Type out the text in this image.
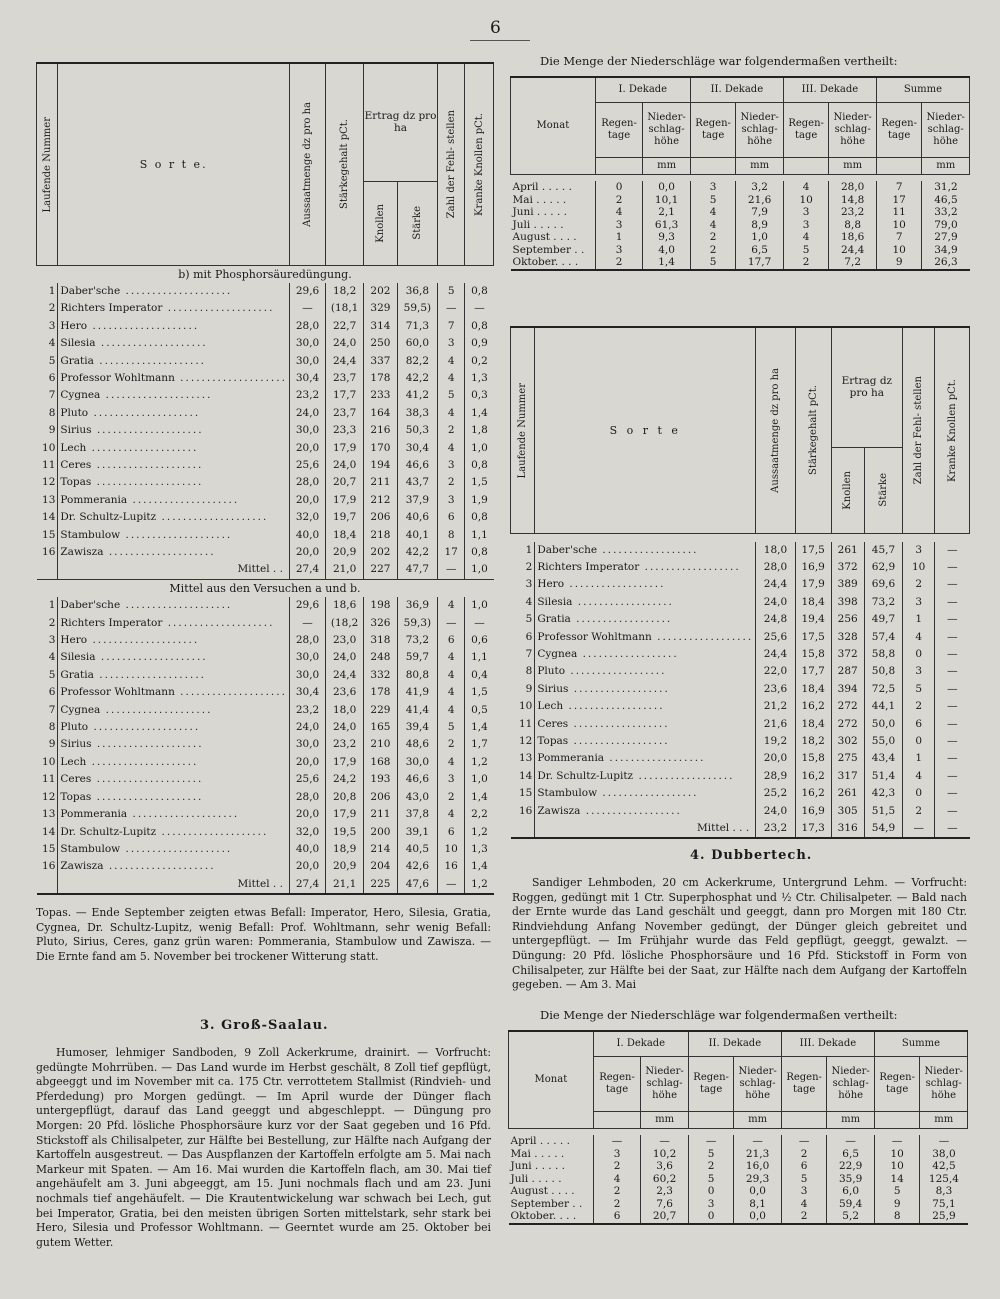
6
Laufende Nummer	S o r t e.	Aussaatmenge dz pro ha	Stärkegehalt pCt.	Ertrag dz pro ha		Zahl der Fehl- stellen	Kranke Knollen pCt.

				Knollen	Stärke		

b) mit Phosphorsäuredüngung.							
1	Daber'sche ....................	29,6	18,2	202	36,8	5	0,8
2	Richters Imperator ....................	—	(18,1	329	59,5)	—	—
3	Hero ....................	28,0	22,7	314	71,3	7	0,8
4	Silesia ....................	30,0	24,0	250	60,0	3	0,9
5	Gratia ....................	30,0	24,4	337	82,2	4	0,2
6	Professor Wohltmann ....................	30,4	23,7	178	42,2	4	1,3
7	Cygnea ....................	23,2	17,7	233	41,2	5	0,3
8	Pluto ....................	24,0	23,7	164	38,3	4	1,4
9	Sirius ....................	30,0	23,3	216	50,3	2	1,8
10	Lech ....................	20,0	17,9	170	30,4	4	1,0
11	Ceres ....................	25,6	24,0	194	46,6	3	0,8
12	Topas ....................	28,0	20,7	211	43,7	2	1,5
13	Pommerania ....................	20,0	17,9	212	37,9	3	1,9
14	Dr. Schultz-Lupitz ....................	32,0	19,7	206	40,6	6	0,8
15	Stambulow ....................	40,0	18,4	218	40,1	8	1,1
16	Zawisza ....................	20,0	20,9	202	42,2	17	0,8
	Mittel . .	27,4	21,0	227	47,7	—	1,0
Mittel aus den Versuchen a und b.							
1	Daber'sche ....................	29,6	18,6	198	36,9	4	1,0
2	Richters Imperator ....................	—	(18,2	326	59,3)	—	—
3	Hero ....................	28,0	23,0	318	73,2	6	0,6
4	Silesia ....................	30,0	24,0	248	59,7	4	1,1
5	Gratia ....................	30,0	24,4	332	80,8	4	0,4
6	Professor Wohltmann ....................	30,4	23,6	178	41,9	4	1,5
7	Cygnea ....................	23,2	18,0	229	41,4	4	0,5
8	Pluto ....................	24,0	24,0	165	39,4	5	1,4
9	Sirius ....................	30,0	23,2	210	48,6	2	1,7
10	Lech ....................	20,0	17,9	168	30,0	4	1,2
11	Ceres ....................	25,6	24,2	193	46,6	3	1,0
12	Topas ....................	28,0	20,8	206	43,0	2	1,4
13	Pommerania ....................	20,0	17,9	211	37,8	4	2,2
14	Dr. Schultz-Lupitz ....................	32,0	19,5	200	39,1	6	1,2
15	Stambulow ....................	40,0	18,9	214	40,5	10	1,3
16	Zawisza ....................	20,0	20,9	204	42,6	16	1,4
	Mittel . .	27,4	21,1	225	47,6	—	1,2
Topas. — Ende September zeigten etwas Befall: Imperator, Hero, Silesia, Gratia, Cygnea, Dr. Schultz-Lupitz, wenig Befall: Prof. Wohltmann, sehr wenig Befall: Pluto, Sirius, Ceres, ganz grün waren: Pommerania, Stambulow und Zawisza. — Die Ernte fand am 5. November bei trockener Witterung statt.
3. Groß-Saalau.
Humoser, lehmiger Sandboden, 9 Zoll Ackerkrume, drainirt. — Vorfrucht: gedüngte Mohrrüben. — Das Land wurde im Herbst geschält, 8 Zoll tief gepflügt, abgeeggt und im November mit ca. 175 Ctr. verrottetem Stallmist (Rindvieh- und Pferdedung) pro Morgen gedüngt. — Im April wurde der Dünger flach untergepflügt, darauf das Land geeggt und abgeschleppt. — Düngung pro Morgen: 20 Pfd. lösliche Phosphorsäure kurz vor der Saat gegeben und 16 Pfd. Stickstoff als Chilisalpeter, zur Hälfte bei Bestellung, zur Hälfte nach Aufgang der Kartoffeln ausgestreut. — Das Auspflanzen der Kartoffeln erfolgte am 5. Mai nach Markeur mit Spaten. — Am 16. Mai wurden die Kartoffeln flach, am 30. Mai tief angehäufelt am 3. Juni abgeeggt, am 15. Juni nochmals flach und am 23. Juni nochmals tief angehäufelt. — Die Krautentwickelung war schwach bei Lech, gut bei Imperator, Gratia, bei den meisten übrigen Sorten mittelstark, sehr stark bei Hero, Silesia und Professor Wohltmann. — Geerntet wurde am 25. Oktober bei gutem Wetter.
Die Menge der Niederschläge war folgendermaßen vertheilt:
Monat	I. Dekade		II. Dekade		III. Dekade		Summe	
	Regen- tage	Nieder- schlag- höhe	Regen- tage	Nieder- schlag- höhe	Regen- tage	Nieder- schlag- höhe	Regen- tage	Nieder- schlag- höhe
		mm		mm		mm		mm

April . . . . .	0	0,0	3	3,2	4	28,0	7	31,2
Mai . . . . .	2	10,1	5	21,6	10	14,8	17	46,5
Juni . . . . .	4	2,1	4	7,9	3	23,2	11	33,2
Juli . . . . .	3	61,3	4	8,9	3	8,8	10	79,0
August . . . .	1	9,3	2	1,0	4	18,6	7	27,9
September . .	3	4,0	2	6,5	5	24,4	10	34,9
Oktober. . . .	2	1,4	5	17,7	2	7,2	9	26,3
Laufende Nummer	S o r t e	Aussaatmenge dz pro ha	Stärkegehalt pCt.	Ertrag dz pro ha		Zahl der Fehl- stellen	Kranke Knollen pCt.

				Knollen	Stärke		

1	Daber'sche ..................	18,0	17,5	261	45,7	3	—
2	Richters Imperator ..................	28,0	16,9	372	62,9	10	—
3	Hero ..................	24,4	17,9	389	69,6	2	—
4	Silesia ..................	24,0	18,4	398	73,2	3	—
5	Gratia ..................	24,8	19,4	256	49,7	1	—
6	Professor Wohltmann ..................	25,6	17,5	328	57,4	4	—
7	Cygnea ..................	24,4	15,8	372	58,8	0	—
8	Pluto ..................	22,0	17,7	287	50,8	3	—
9	Sirius ..................	23,6	18,4	394	72,5	5	—
10	Lech ..................	21,2	16,2	272	44,1	2	—
11	Ceres ..................	21,6	18,4	272	50,0	6	—
12	Topas ..................	19,2	18,2	302	55,0	0	—
13	Pommerania ..................	20,0	15,8	275	43,4	1	—
14	Dr. Schultz-Lupitz ..................	28,9	16,2	317	51,4	4	—
15	Stambulow ..................	25,2	16,2	261	42,3	0	—
16	Zawisza ..................	24,0	16,9	305	51,5	2	—
	Mittel . . .	23,2	17,3	316	54,9	—	—
4. Dubbertech.
Sandiger Lehmboden, 20 cm Ackerkrume, Untergrund Lehm. — Vorfrucht: Roggen, gedüngt mit 1 Ctr. Superphosphat und ½ Ctr. Chilisalpeter. — Bald nach der Ernte wurde das Land geschält und geeggt, dann pro Morgen mit 180 Ctr. Rindviehdung Anfang November gedüngt, der Dünger gleich gebreitet und untergepflügt. — Im Frühjahr wurde das Feld gepflügt, geeggt, gewalzt. — Düngung: 20 Pfd. lösliche Phosphorsäure und 16 Pfd. Stickstoff in Form von Chilisalpeter, zur Hälfte bei der Saat, zur Hälfte nach dem Aufgang der Kartoffeln gegeben. — Am 3. Mai
Die Menge der Niederschläge war folgendermaßen vertheilt:
Monat	I. Dekade		II. Dekade		III. Dekade		Summe	
	Regen- tage	Nieder- schlag- höhe	Regen- tage	Nieder- schlag- höhe	Regen- tage	Nieder- schlag- höhe	Regen- tage	Nieder- schlag- höhe
		mm		mm		mm		mm

April . . . . .	—	—	—	—	—	—	—	—
Mai . . . . .	3	10,2	5	21,3	2	6,5	10	38,0
Juni . . . . .	2	3,6	2	16,0	6	22,9	10	42,5
Juli . . . . .	4	60,2	5	29,3	5	35,9	14	125,4
August . . . .	2	2,3	0	0,0	3	6,0	5	8,3
September . .	2	7,6	3	8,1	4	59,4	9	75,1
Oktober. . . .	6	20,7	0	0,0	2	5,2	8	25,9
